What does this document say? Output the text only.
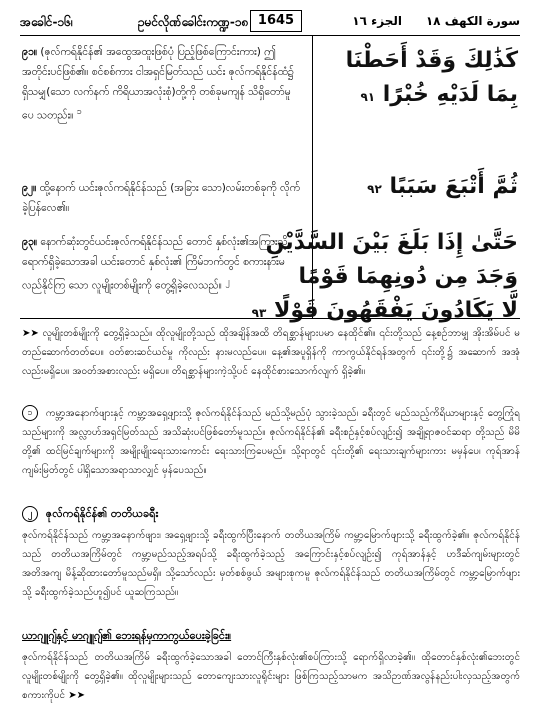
အခေါင်-၁၆၊	ဥမင်လိုဏ်ခေါင်းကဏ္ဍ-၁၈ 1645	الجزء ١٦ سورة الكهف ١٨
၉၁။ (ဇုလ်ကရ်နိုင်န်၏ အထွေအထူးဖြစ်ပုံ ပြည့်ဖြစ်ကြောင်းကား) ဤအတိုင်းပင်ဖြစ်၏။ စင်စစ်ကား ငါအရှင်မြတ်သည် ယင်း ဇုလ်ကရ်နိုင်န်ထံ၌ ရှိသမျှ(သော လက်နက် ကိရိယာအလုံးစုံ)တို့ကို တစ်ခုမကျန် သိရှိတော်မူပေ သတည်း။ ၁
၉၂။ ထို့နောက် ယင်းဇုလ်ကရ်နိုင်န်သည် (အခြား သော)လမ်းတစ်ခုကို လိုက်ခဲ့ပြန်လေ၏။
၉၃။ နောက်ဆုံးတွင်ယင်းဇုလ်ကရ်နိုင်န်သည် တောင် နှစ်လုံး၏အကြားသို့ ရောက်ရှိခဲ့သောအခါ ယင်းတောင် နှစ်လုံး၏ ကြိမ်ဘက်တွင် စကားနားမလည်နိုင်ကြ သော လူမျိုးတစ်မျိုးကို တွေ့ရှိခဲ့လေသည်။ ၂
كَذَٰلِكَ وَقَدْ أَحَطْنَا
بِمَا لَدَيْهِ خُبْرًا ٩١
ثُمَّ أَتْبَعَ سَبَبًا ٩٢
حَتَّىٰ إِذَا بَلَغَ بَيْنَ السَّدَّيْنِ
وَجَدَ مِن دُونِهِمَا قَوْمًا
لَّا يَكَادُونَ يَفْقَهُونَ قَوْلًا ٩٣
➤➤ လူမျိုးတစ်မျိုးကို တွေ့ရှိခဲ့သည်။ ထိုလူမျိုးတို့သည် ထိုအချိန်အထိ တိရစ္ဆာန်များပမာ နေထိုင်၏။ ၎င်းတို့သည် နေ့စဉ်ဘာမျှ အိုးအိမ်ပင် မတည်ဆောက်တတ်ပေ။ ဝတ်စားဆင်ယင်မှု ကိုလည်း နားမလည်ပေ။ နေ့၏အပူရှိန်ကို ကာကွယ်နိုင်ရန်အတွက် ၎င်းတို့၌ အဆောက် အအုံလည်းမရှိပေ။ အဝတ်အစားလည်း မရှိပေ။ တိရစ္ဆာန်များကဲ့သို့ပင် နေထိုင်စားသောက်လျက် ရှိခဲ့၏။
၁ ကမ္ဘာ့အနောက်ဖျားနှင့် ကမ္ဘာ့အရှေ့ဖျားသို့ ဇုလ်ကရ်နိုင်န်သည် မည်သို့မည်ပုံ သွားခဲ့သည်၊ ခရီးတွင် မည်သည့်ကိရိယာများနှင့် တွေ့ကြုံရသည်များကို အလ္လာဟ်အရှင်မြတ်သည် အသိဆုံးပင်ဖြစ်တော်မူသည်။ ဇုလ်ကရ်နိုင်န်၏ ခရီးစဉ်နှင့်စပ်လျဉ်း၍ အချို့ရာဇဝင်ဆရာ တို့သည် မိမိတို့၏ ထင်မြင်ချက်များကို အမျိုးမျိုးရေးသားကောင်း ရေးသားကြပေမည်။ သို့ရာတွင် ၎င်းတို့၏ ရေးသားချက်များကား မမှန်ပေ၊ ကုရ်အာန်ကျမ်းမြတ်တွင် ပါရှိသောအရာသာလျှင် မှန်ပေသည်။
၂ ဇုလ်ကရ်နိုင်န်၏ တတိယခရီး
ဇုလ်ကရ်နိုင်န်သည် ကမ္ဘာ့အနောက်ဖျား၊ အရှေ့ဖျားသို့ ခရီးထွက်ပြီးနောက် တတိယအကြိမ် ကမ္ဘာ့မြောက်ဖျားသို့ ခရီးထွက်ခဲ့၏။ ဇုလ်ကရ်နိုင်န်သည် တတိယအကြိမ်တွင် ကမ္ဘာ့မည်သည့်အရပ်သို့ ခရီးထွက်ခဲ့သည့် အကြောင်းနှင့်စပ်လျဉ်း၍ ကုရ်အာန်နှင့် ဟဒီဆ်ကျမ်းများတွင် အတိအကျ မိန့်ဆိုထားတော်မူသည်မရှိ။ သို့သော်လည်း မှတ်စစ်ဖွယ် အများစုကမူ ဇုလ်ကရ်နိုင်န်သည် တတိယအကြိမ်တွင် ကမ္ဘာ့မြောက်ဖျားသို့ ခရီးထွက်ခဲ့သည်ဟူ၍ပင် ယူဆကြသည်။
ယာဂျူဂျ်နှင့် မာဂျူဂျ်၏ ဘေးရန်မှကာကွယ်ပေးခဲ့ခြင်း။
ဇုလ်ကရ်နိုင်န်သည် တတိယအကြိမ် ခရီးထွက်ခဲ့သောအခါ တောင်ကြီးနှစ်လုံး၏စပ်ကြားသို့ ရောက်ရှိလာခဲ့၏။ ထိုတောင်နှစ်လုံး၏ဘေးတွင် လူမျိုးတစ်မျိုးကို တွေ့ရှိခဲ့၏။ ထိုလူမျိုးများသည် တောကျေးသားလူရိုင်းများ ဖြစ်ကြသည့်သာမက အသိဉာဏ်အလွန်နည်းပါးလှသည့်အတွက် စကားကိုပင် ➤➤
